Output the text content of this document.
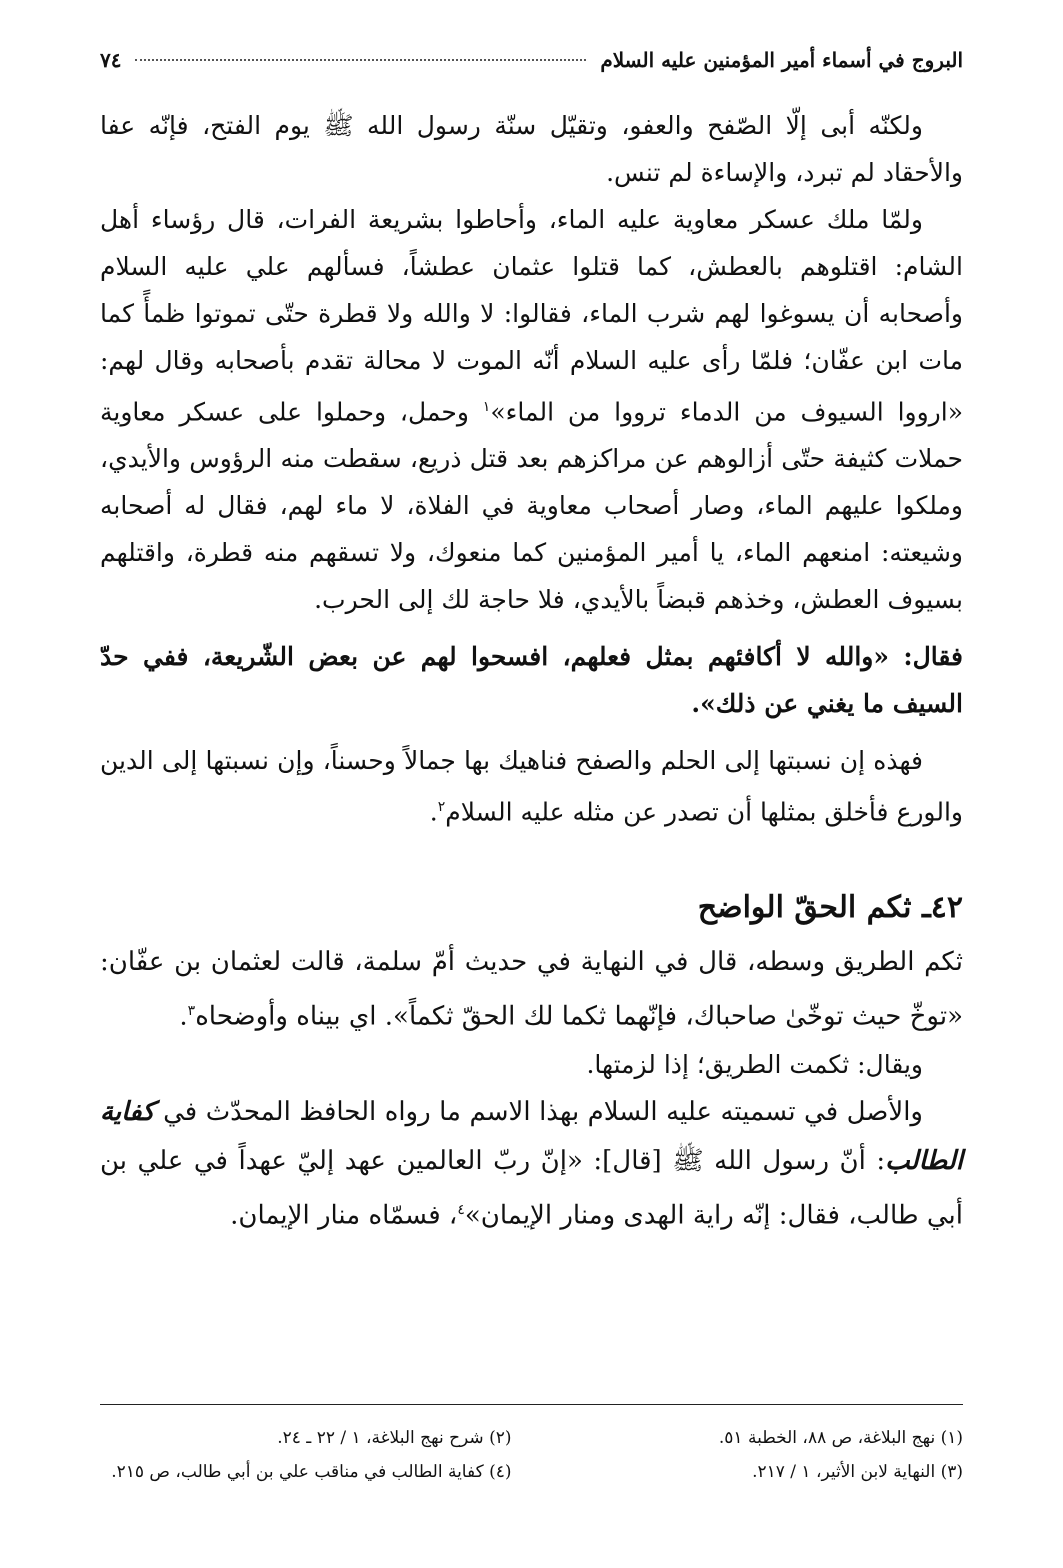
البروج في أسماء أمير المؤمنين عليه السلام
٧٤

ولكنّه أبى إلّا الصّفح والعفو، وتقيّل سنّة رسول الله ﷺ يوم الفتح، فإنّه عفا والأحقاد لم تبرد، والإساءة لم تنس.

ولمّا ملك عسكر معاوية عليه الماء، وأحاطوا بشريعة الفرات، قال رؤساء أهل الشام: اقتلوهم بالعطش، كما قتلوا عثمان عطشاً، فسألهم علي عليه السلام وأصحابه أن يسوغوا لهم شرب الماء، فقالوا: لا والله ولا قطرة حتّى تموتوا ظمأً كما مات ابن عفّان؛ فلمّا رأى عليه السلام أنّه الموت لا محالة تقدم بأصحابه وقال لهم: «ارووا السيوف من الدماء ترووا من الماء»$^١$ وحمل، وحملوا على عسكر معاوية حملات كثيفة حتّى أزالوهم عن مراكزهم بعد قتل ذريع، سقطت منه الرؤوس والأيدي، وملكوا عليهم الماء، وصار أصحاب معاوية في الفلاة، لا ماء لهم، فقال له أصحابه وشيعته: امنعهم الماء، يا أمير المؤمنين كما منعوك، ولا تسقهم منه قطرة، واقتلهم بسيوف العطش، وخذهم قبضاً بالأيدي، فلا حاجة لك إلى الحرب.

فقال: «والله لا أكافئهم بمثل فعلهم، افسحوا لهم عن بعض الشّريعة، ففي حدّ السيف ما يغني عن ذلك».

فهذه إن نسبتها إلى الحلم والصفح فناهيك بها جمالاً وحسناً، وإن نسبتها إلى الدين والورع فأخلق بمثلها أن تصدر عن مثله عليه السلام$^٢$.

٤٢ـ ثكم الحقّ الواضح

ثكم الطريق وسطه، قال في النهاية في حديث أمّ سلمة، قالت لعثمان بن عفّان: «توخّ حيث توخّىٰ صاحباك، فإنّهما ثكما لك الحقّ ثكماً». اي بيناه وأوضحاه$^٣$.

ويقال: ثكمت الطريق؛ إذا لزمتها.

والأصل في تسميته عليه السلام بهذا الاسم ما رواه الحافظ المحدّث في كفاية الطالب: أنّ رسول الله ﷺ [قال]: «إنّ ربّ العالمين عهد إليّ عهداً في علي بن أبي طالب، فقال: إنّه راية الهدى ومنار الإيمان»$^٤$، فسمّاه منار الإيمان.

(١) نهج البلاغة، ص ٨٨، الخطبة ٥١.
(٢) شرح نهج البلاغة، ١ / ٢٢ ـ ٢٤.
(٣) النهاية لابن الأثير، ١ / ٢١٧.
(٤) كفاية الطالب في مناقب علي بن أبي طالب، ص ٢١٥.
